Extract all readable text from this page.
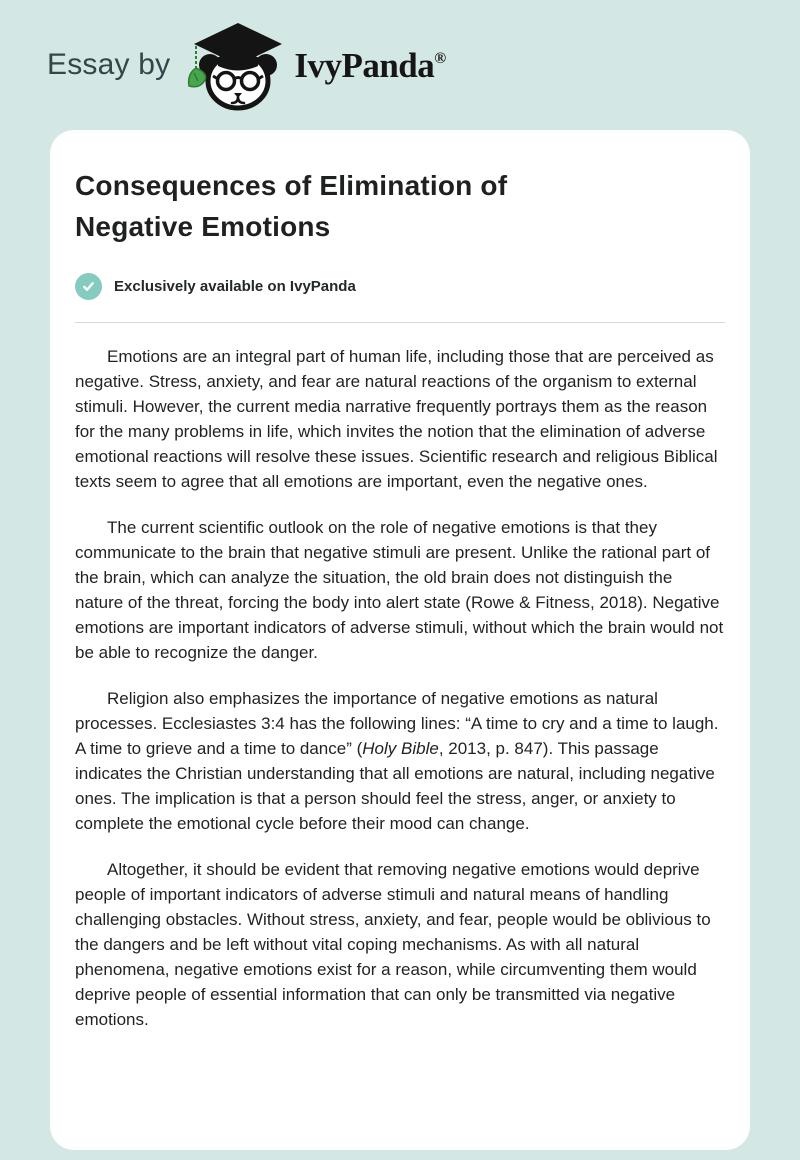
Essay by	IvyPanda®
Consequences of Elimination of Negative Emotions
Exclusively available on IvyPanda

Emotions are an integral part of human life, including those that are perceived as negative. Stress, anxiety, and fear are natural reactions of the organism to external stimuli. However, the current media narrative frequently portrays them as the reason for the many problems in life, which invites the notion that the elimination of adverse emotional reactions will resolve these issues. Scientific research and religious Biblical texts seem to agree that all emotions are important, even the negative ones.

The current scientific outlook on the role of negative emotions is that they communicate to the brain that negative stimuli are present. Unlike the rational part of the brain, which can analyze the situation, the old brain does not distinguish the nature of the threat, forcing the body into alert state (Rowe & Fitness, 2018). Negative emotions are important indicators of adverse stimuli, without which the brain would not be able to recognize the danger.

Religion also emphasizes the importance of negative emotions as natural processes. Ecclesiastes 3:4 has the following lines: “A time to cry and a time to laugh. A time to grieve and a time to dance” (Holy Bible, 2013, p. 847). This passage indicates the Christian understanding that all emotions are natural, including negative ones. The implication is that a person should feel the stress, anger, or anxiety to complete the emotional cycle before their mood can change.

Altogether, it should be evident that removing negative emotions would deprive people of important indicators of adverse stimuli and natural means of handling challenging obstacles. Without stress, anxiety, and fear, people would be oblivious to the dangers and be left without vital coping mechanisms. As with all natural phenomena, negative emotions exist for a reason, while circumventing them would deprive people of essential information that can only be transmitted via negative emotions.
